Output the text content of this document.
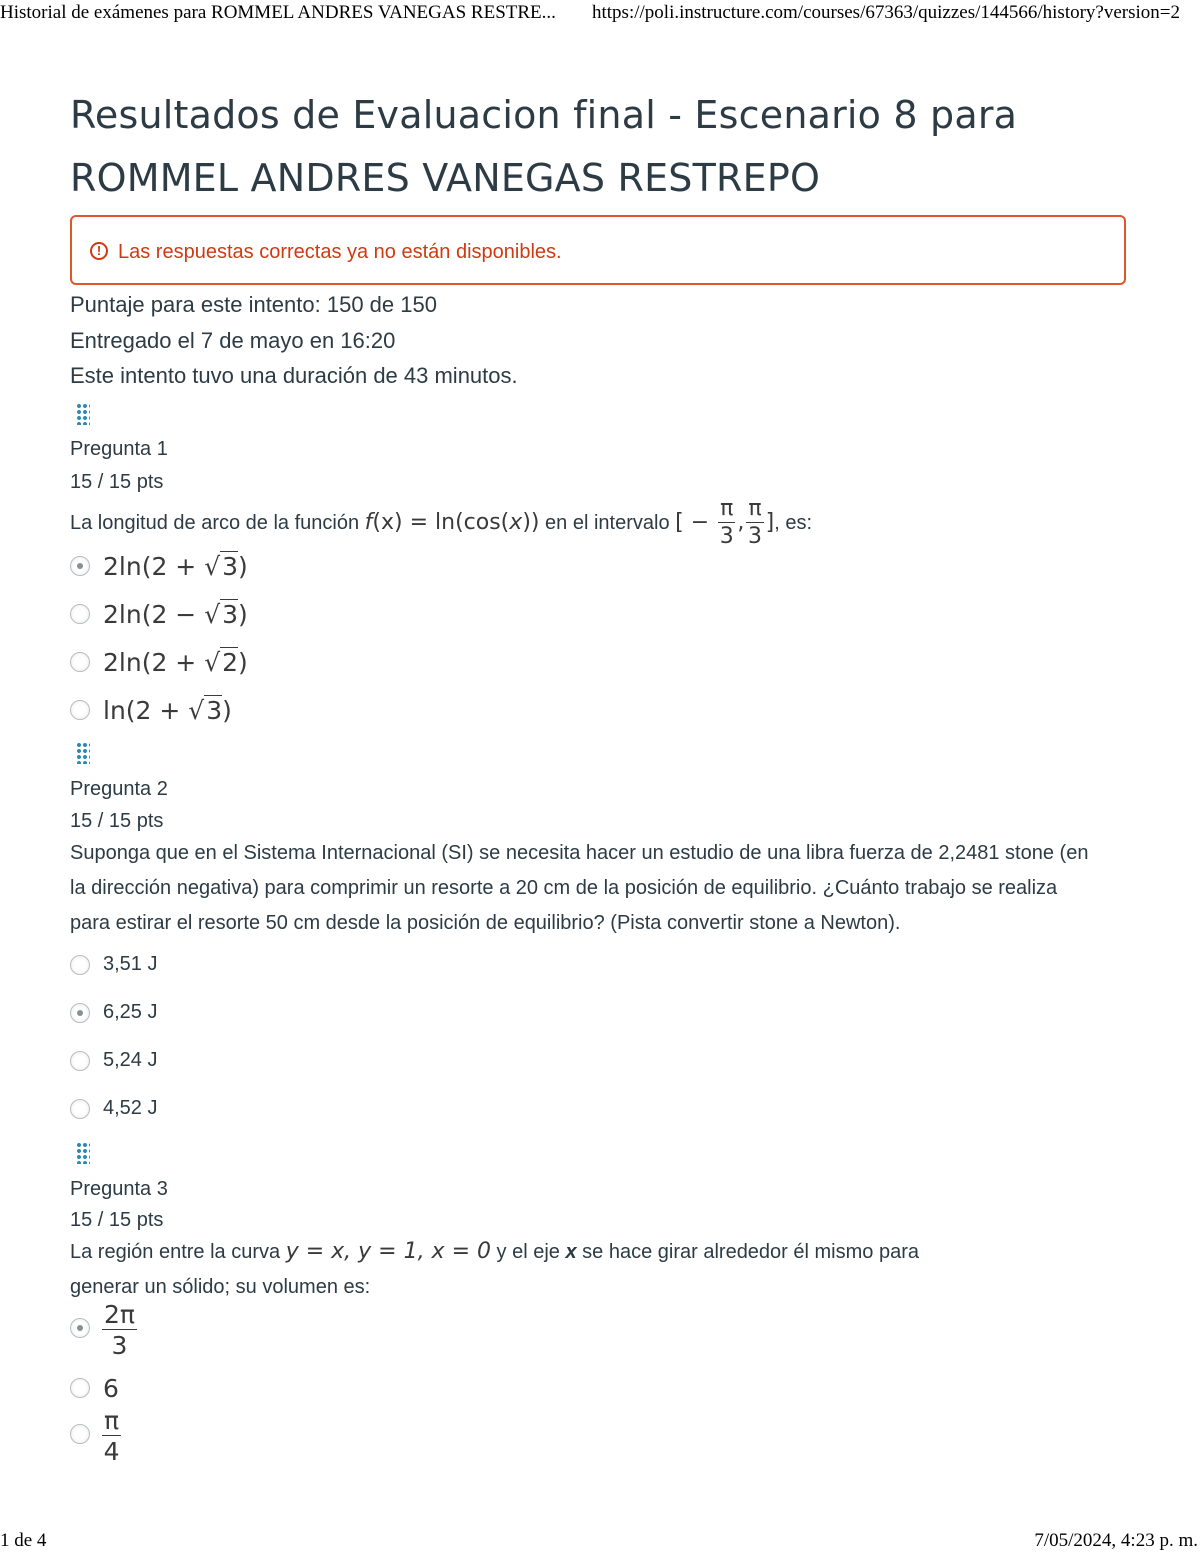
Historial de exámenes para ROMMEL ANDRES VANEGAS RESTRE... https://poli.instructure.com/courses/67363/quizzes/144566/history?version=2
Resultados de Evaluacion final - Escenario 8 para
ROMMEL ANDRES VANEGAS RESTREPO
! Las respuestas correctas ya no están disponibles.
Puntaje para este intento: 150 de 150
Entregado el 7 de mayo en 16:20
Este intento tuvo una duración de 43 minutos.
Pregunta 1
15 / 15 pts
La longitud de arco de la función f(x) = ln(cos(x)) en el intervalo [ − $\frac{\pi}{3}$ , $\frac{\pi}{3}$ ], es:
2ln(2 + √3)
2ln(2 − √3)
2ln(2 + √2)
ln(2 + √3)
Pregunta 2
15 / 15 pts
Suponga que en el Sistema Internacional (SI) se necesita hacer un estudio de una libra fuerza de 2,2481 stone (en
la dirección negativa) para comprimir un resorte a 20 cm de la posición de equilibrio. ¿Cuánto trabajo se realiza
para estirar el resorte 50 cm desde la posición de equilibrio? (Pista convertir stone a Newton).
3,51 J
6,25 J
5,24 J
4,52 J
Pregunta 3
15 / 15 pts
La región entre la curva y = x, y = 1, x = 0 y el eje x se hace girar alrededor él mismo para
generar un sólido; su volumen es:
$\frac{2\pi}{3}$
6
$\frac{\pi}{4}$
1 de 4	7/05/2024, 4:23 p. m.
